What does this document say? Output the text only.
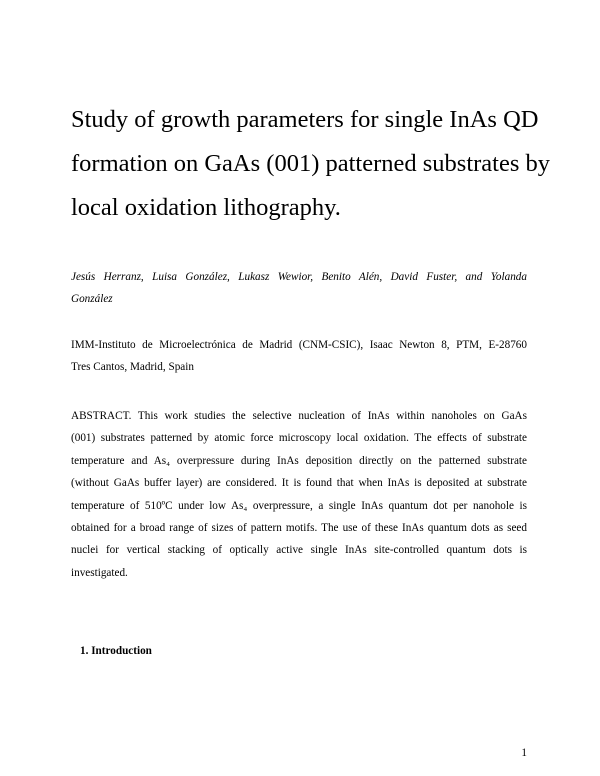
Study of growth parameters for single InAs QD
formation on GaAs (001) patterned substrates by
local oxidation lithography.
Jesús Herranz, Luisa González, Lukasz Wewior, Benito Alén, David Fuster, and Yolanda
González
IMM-Instituto de Microelectrónica de Madrid (CNM-CSIC), Isaac Newton 8, PTM, E-28760
Tres Cantos, Madrid, Spain
ABSTRACT. This work studies the selective nucleation of InAs within nanoholes on GaAs
(001) substrates patterned by atomic force microscopy local oxidation. The effects of substrate
temperature and As₄ overpressure during InAs deposition directly on the patterned substrate
(without GaAs buffer layer) are considered. It is found that when InAs is deposited at substrate
temperature of 510ºC under low As₄ overpressure, a single InAs quantum dot per nanohole is
obtained for a broad range of sizes of pattern motifs. The use of these InAs quantum dots as seed
nuclei for vertical stacking of optically active single InAs site-controlled quantum dots is
investigated.
1. Introduction
1
